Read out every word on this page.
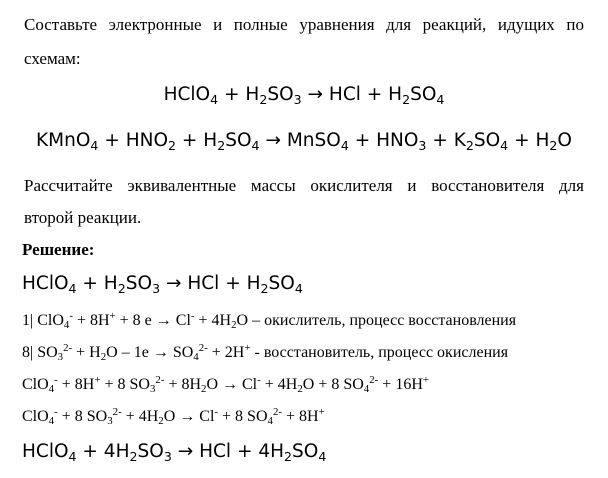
Составьте электронные и полные уравнения для реакций, идущих по
схемам:
HClO$_4$ + $H_2SO_3$ → HCl + $H_2SO_4$
KMnO$_4$ + $HNO_2 + H_2SO_4$ → MnSO$_4$ + $HNO_3 + K_2SO_4 + H_2O$
Рассчитайте эквивалентные массы окислителя и восстановителя для
второй реакции.
Решение:
HClO$_4$ + $H_2SO_3$ → HCl + $H_2SO_4$
1| ClO$_4$- + 8H+ + 8 $e \to Cl^- + 4H_2O$ – окислитель, процесс восстановления
8| $SO_3^{2-} + H_2O - 1e \to SO_4^{2-} + 2H^+$ - восстановитель, процесс окисления
ClO$_4$- + 8H+ + 8 $SO_3^{2-} + 8H_2O \to Cl^- + 4H_2O + 8$ $SO_4^{2-} + 16H^+$
ClO$_4$- + 8 $SO_3^{2-} + 4H_2O \to Cl^- + 8$ $SO_4^{2-} + 8H^+$
HClO$_4$ + $4H_2SO_3$ → HCl + $4H_2SO_4$
